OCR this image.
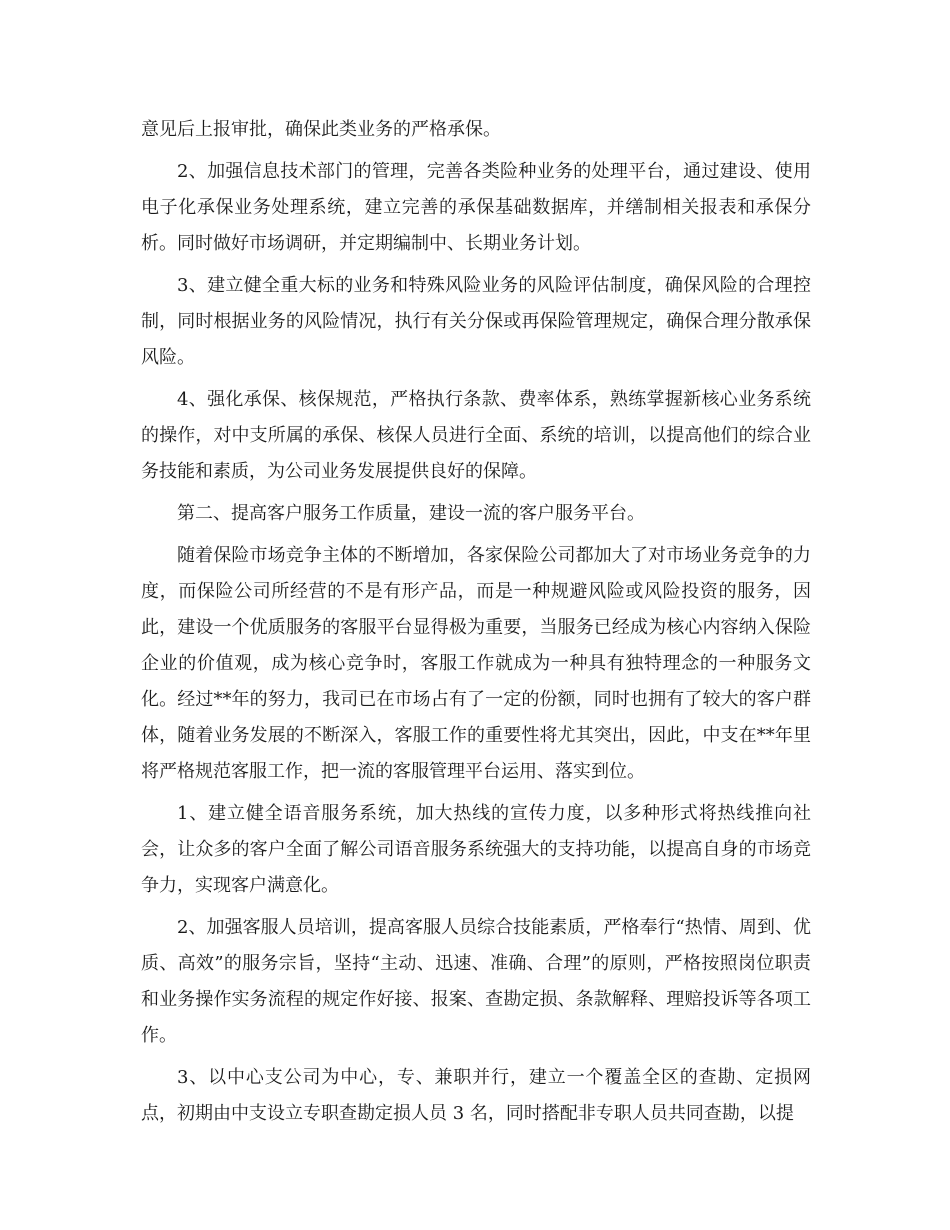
意见后上报审批，确保此类业务的严格承保。

2、加强信息技术部门的管理，完善各类险种业务的处理平台，通过建设、使用电子化承保业务处理系统，建立完善的承保基础数据库，并缮制相关报表和承保分析。同时做好市场调研，并定期编制中、长期业务计划。

3、建立健全重大标的业务和特殊风险业务的风险评估制度，确保风险的合理控制，同时根据业务的风险情况，执行有关分保或再保险管理规定，确保合理分散承保风险。

4、强化承保、核保规范，严格执行条款、费率体系，熟练掌握新核心业务系统的操作，对中支所属的承保、核保人员进行全面、系统的培训，以提高他们的综合业务技能和素质，为公司业务发展提供良好的保障。

第二、提高客户服务工作质量，建设一流的客户服务平台。

随着保险市场竞争主体的不断增加，各家保险公司都加大了对市场业务竞争的力度，而保险公司所经营的不是有形产品，而是一种规避风险或风险投资的服务，因此，建设一个优质服务的客服平台显得极为重要，当服务已经成为核心内容纳入保险企业的价值观，成为核心竞争时，客服工作就成为一种具有独特理念的一种服务文化。经过**年的努力，我司已在市场占有了一定的份额，同时也拥有了较大的客户群体，随着业务发展的不断深入，客服工作的重要性将尤其突出，因此，中支在**年里将严格规范客服工作，把一流的客服管理平台运用、落实到位。

1、建立健全语音服务系统，加大热线的宣传力度，以多种形式将热线推向社会，让众多的客户全面了解公司语音服务系统强大的支持功能，以提高自身的市场竞争力，实现客户满意化。

2、加强客服人员培训，提高客服人员综合技能素质，严格奉行“热情、周到、优质、高效”的服务宗旨，坚持“主动、迅速、准确、合理”的原则，严格按照岗位职责和业务操作实务流程的规定作好接、报案、查勘定损、条款解释、理赔投诉等各项工作。

3、以中心支公司为中心，专、兼职并行，建立一个覆盖全区的查勘、定损网点，初期由中支设立专职查勘定损人员 3 名，同时搭配非专职人员共同查勘，以提
